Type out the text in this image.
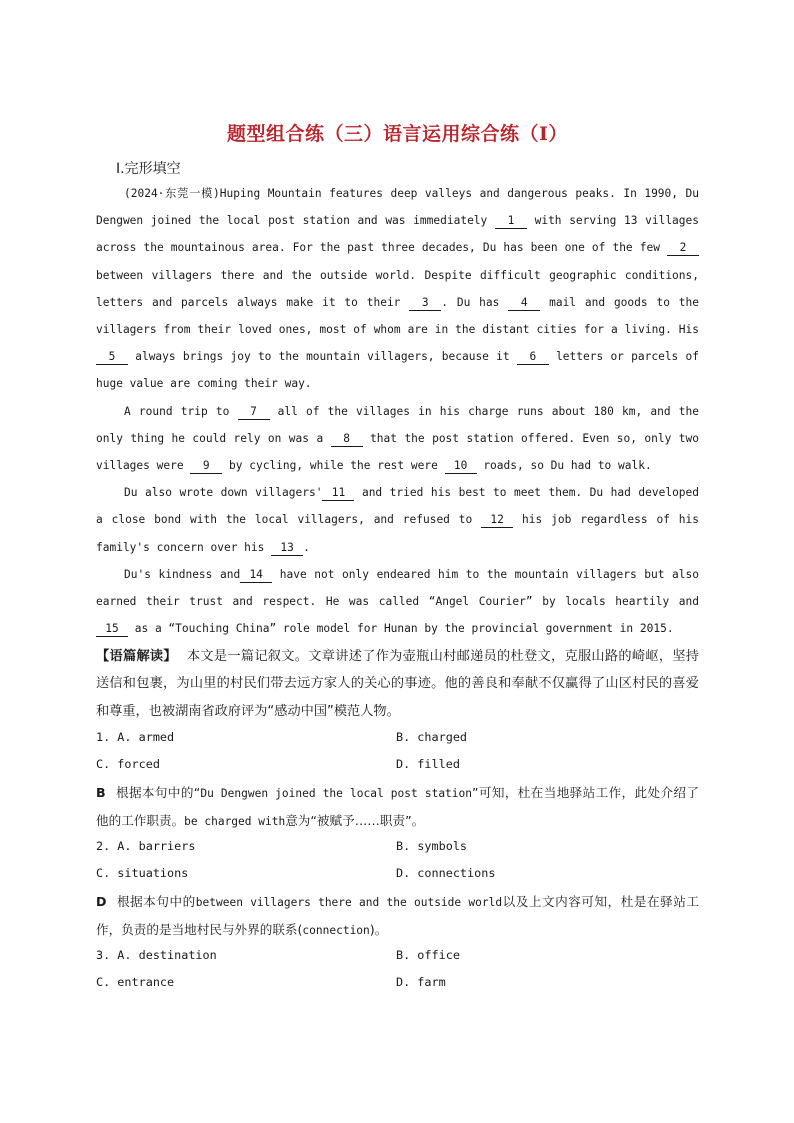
题型组合练（三）语言运用综合练（Ⅰ）
Ⅰ.完形填空

(2024·东莞一模)Huping Mountain features deep valleys and dangerous peaks. In 1990, Du Dengwen joined the local post station and was immediately 1 with serving 13 villages across the mountainous area. For the past three decades, Du has been one of the few 2 between villagers there and the outside world. Despite difficult geographic conditions, letters and parcels always make it to their 3 . Du has 4 mail and goods to the villagers from their loved ones, most of whom are in the distant cities for a living. His 5 always brings joy to the mountain villagers, because it 6 letters or parcels of huge value are coming their way.

A round trip to 7 all of the villages in his charge runs about 180 km, and the only thing he could rely on was a 8 that the post station offered. Even so, only two villages were 9 by cycling, while the rest were 10 roads, so Du had to walk.

Du also wrote down villagers' 11 and tried his best to meet them. Du had developed a close bond with the local villagers, and refused to 12 his job regardless of his family's concern over his 13 .

Du's kindness and 14 have not only endeared him to the mountain villagers but also earned their trust and respect. He was called “Angel Courier” by locals heartily and 15 as a “Touching China” role model for Hunan by the provincial government in 2015.

【语篇解读】 本文是一篇记叙文。文章讲述了作为壶瓶山村邮递员的杜登文，克服山路的崎岖，坚持送信和包裹，为山里的村民们带去远方家人的关心的事迹。他的善良和奉献不仅赢得了山区村民的喜爱和尊重，也被湖南省政府评为“感动中国”模范人物。
1. A. armed	B. charged
C. forced	D. filled
B 根据本句中的“Du Dengwen joined the local post station”可知，杜在当地驿站工作，此处介绍了他的工作职责。be charged with意为“被赋予……职责”。
2. A. barriers	B. symbols
C. situations	D. connections
D 根据本句中的between villagers there and the outside world以及上文内容可知，杜是在驿站工作，负责的是当地村民与外界的联系(connection)。
3. A. destination	B. office
C. entrance	D. farm
